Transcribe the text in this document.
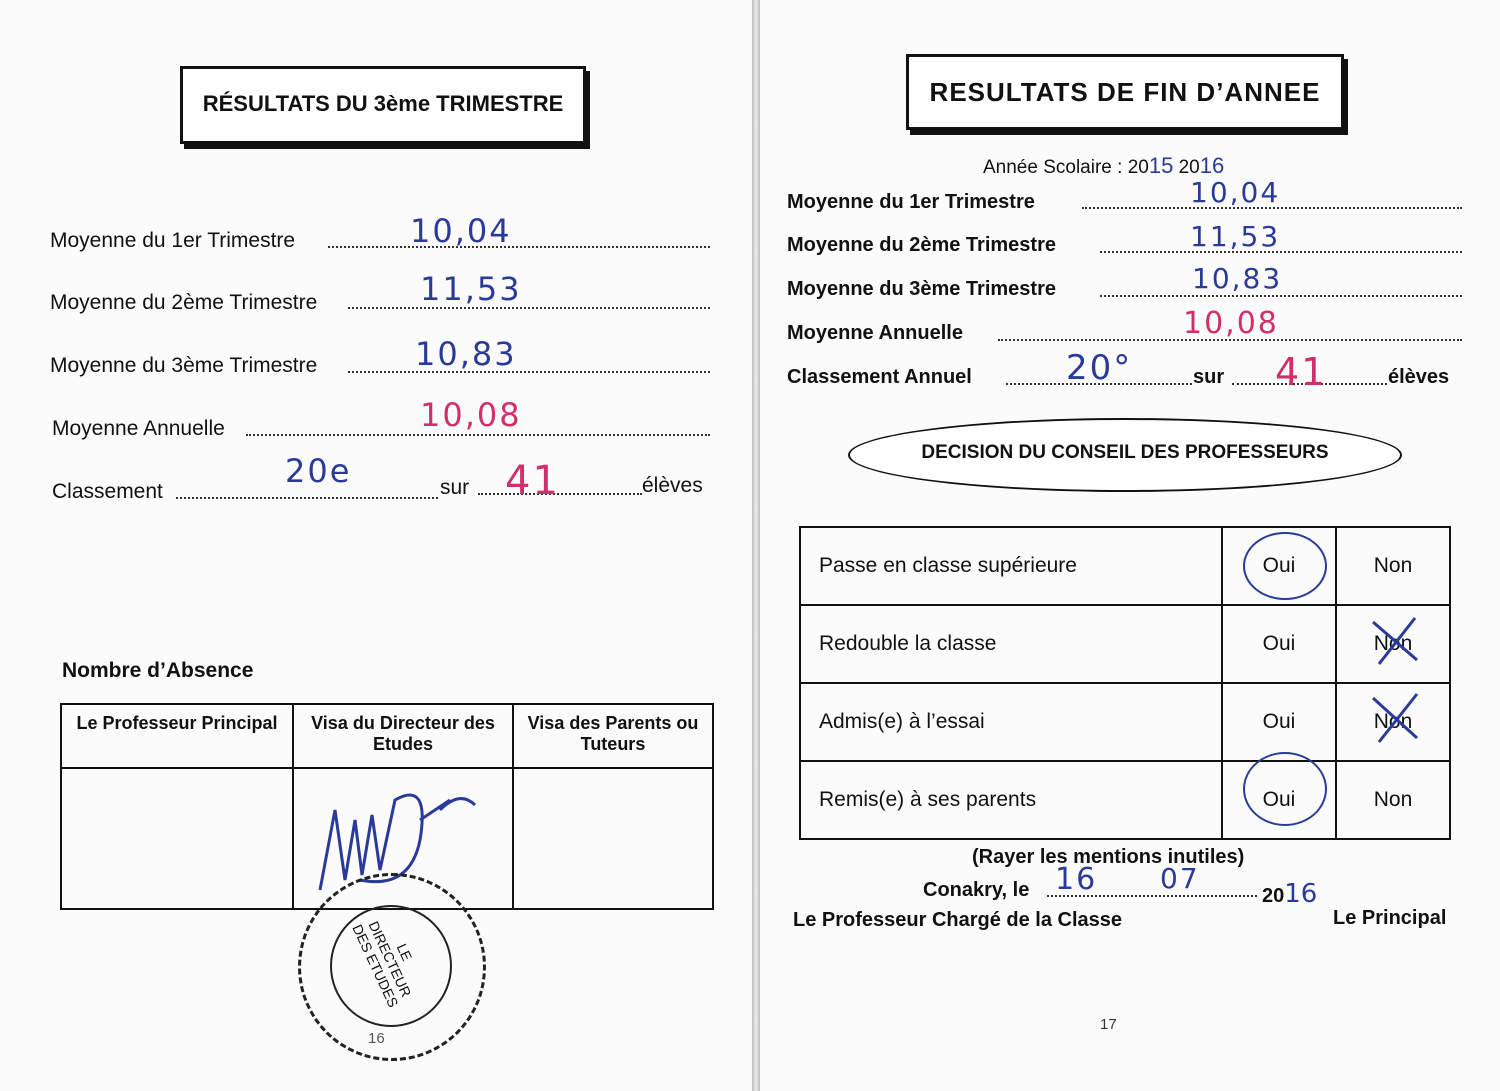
RÉSULTATS DU 3ème TRIMESTRE
Moyenne du 1er Trimestre	10,04
Moyenne du 2ème Trimestre	11,53
Moyenne du 3ème Trimestre	10,83
Moyenne Annuelle	10,08
Classement
20e	sur 41	élèves
Nombre d’Absence
Le Professeur Principal	Visa du Directeur des Etudes	Visa des Parents ou Tuteurs

LE DIRECTEUR DES ETUDES
16
RESULTATS DE FIN D’ANNEE
Année Scolaire : 2015 2016
Moyenne du 1er Trimestre	10,04
Moyenne du 2ème Trimestre	11,53
Moyenne du 3ème Trimestre	10,83
Moyenne Annuelle	10,08
Classement Annuel	20°	sur 41	élèves
DECISION DU CONSEIL DES PROFESSEURS
Passe en classe supérieure	Oui	Non
Redouble la classe	Oui	Non
Admis(e) à l’essai	Oui	Non
Remis(e) à ses parents	Oui	Non
(Rayer les mentions inutiles)
Conakry, le 16 07
2016
Le Professeur Chargé de la Classe	Le Principal
17
